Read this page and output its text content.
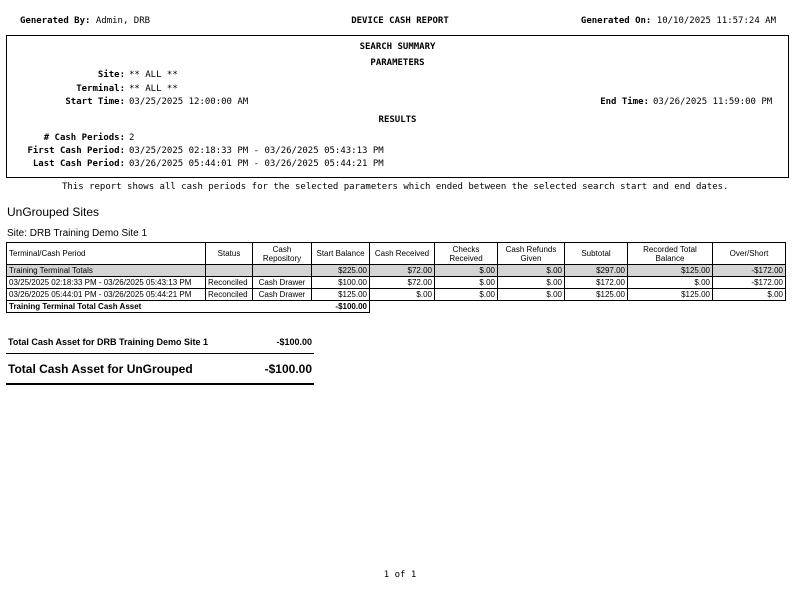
Generated By: Admin, DRB	DEVICE CASH REPORT	Generated On: 10/10/2025 11:57:24 AM
SEARCH SUMMARY
PARAMETERS
Site: ** ALL **
Terminal: ** ALL **
Start Time: 03/25/2025 12:00:00 AM	End Time: 03/26/2025 11:59:00 PM
RESULTS
# Cash Periods: 2
First Cash Period: 03/25/2025 02:18:33 PM - 03/26/2025 05:43:13 PM
Last Cash Period: 03/26/2025 05:44:01 PM - 03/26/2025 05:44:21 PM
This report shows all cash periods for the selected parameters which ended between the selected search start and end dates.
UnGrouped Sites
Site: DRB Training Demo Site 1
Terminal/Cash Period	Status	Cash Repository	Start Balance	Cash Received	Checks Received	Cash Refunds Given	Subtotal	Recorded Total Balance	Over/Short
Training Terminal Totals			$225.00	$72.00	$.00	$.00	$297.00	$125.00	-$172.00
03/25/2025 02:18:33 PM - 03/26/2025 05:43:13 PM	Reconciled	Cash Drawer	$100.00	$72.00	$.00	$.00	$172.00	$.00	-$172.00
03/26/2025 05:44:01 PM - 03/26/2025 05:44:21 PM	Reconciled	Cash Drawer	$125.00	$.00	$.00	$.00	$125.00	$125.00	$.00
Training Terminal Total Cash Asset			-$100.00						
Total Cash Asset for DRB Training Demo Site 1	-$100.00
Total Cash Asset for UnGrouped	-$100.00
1 of 1
